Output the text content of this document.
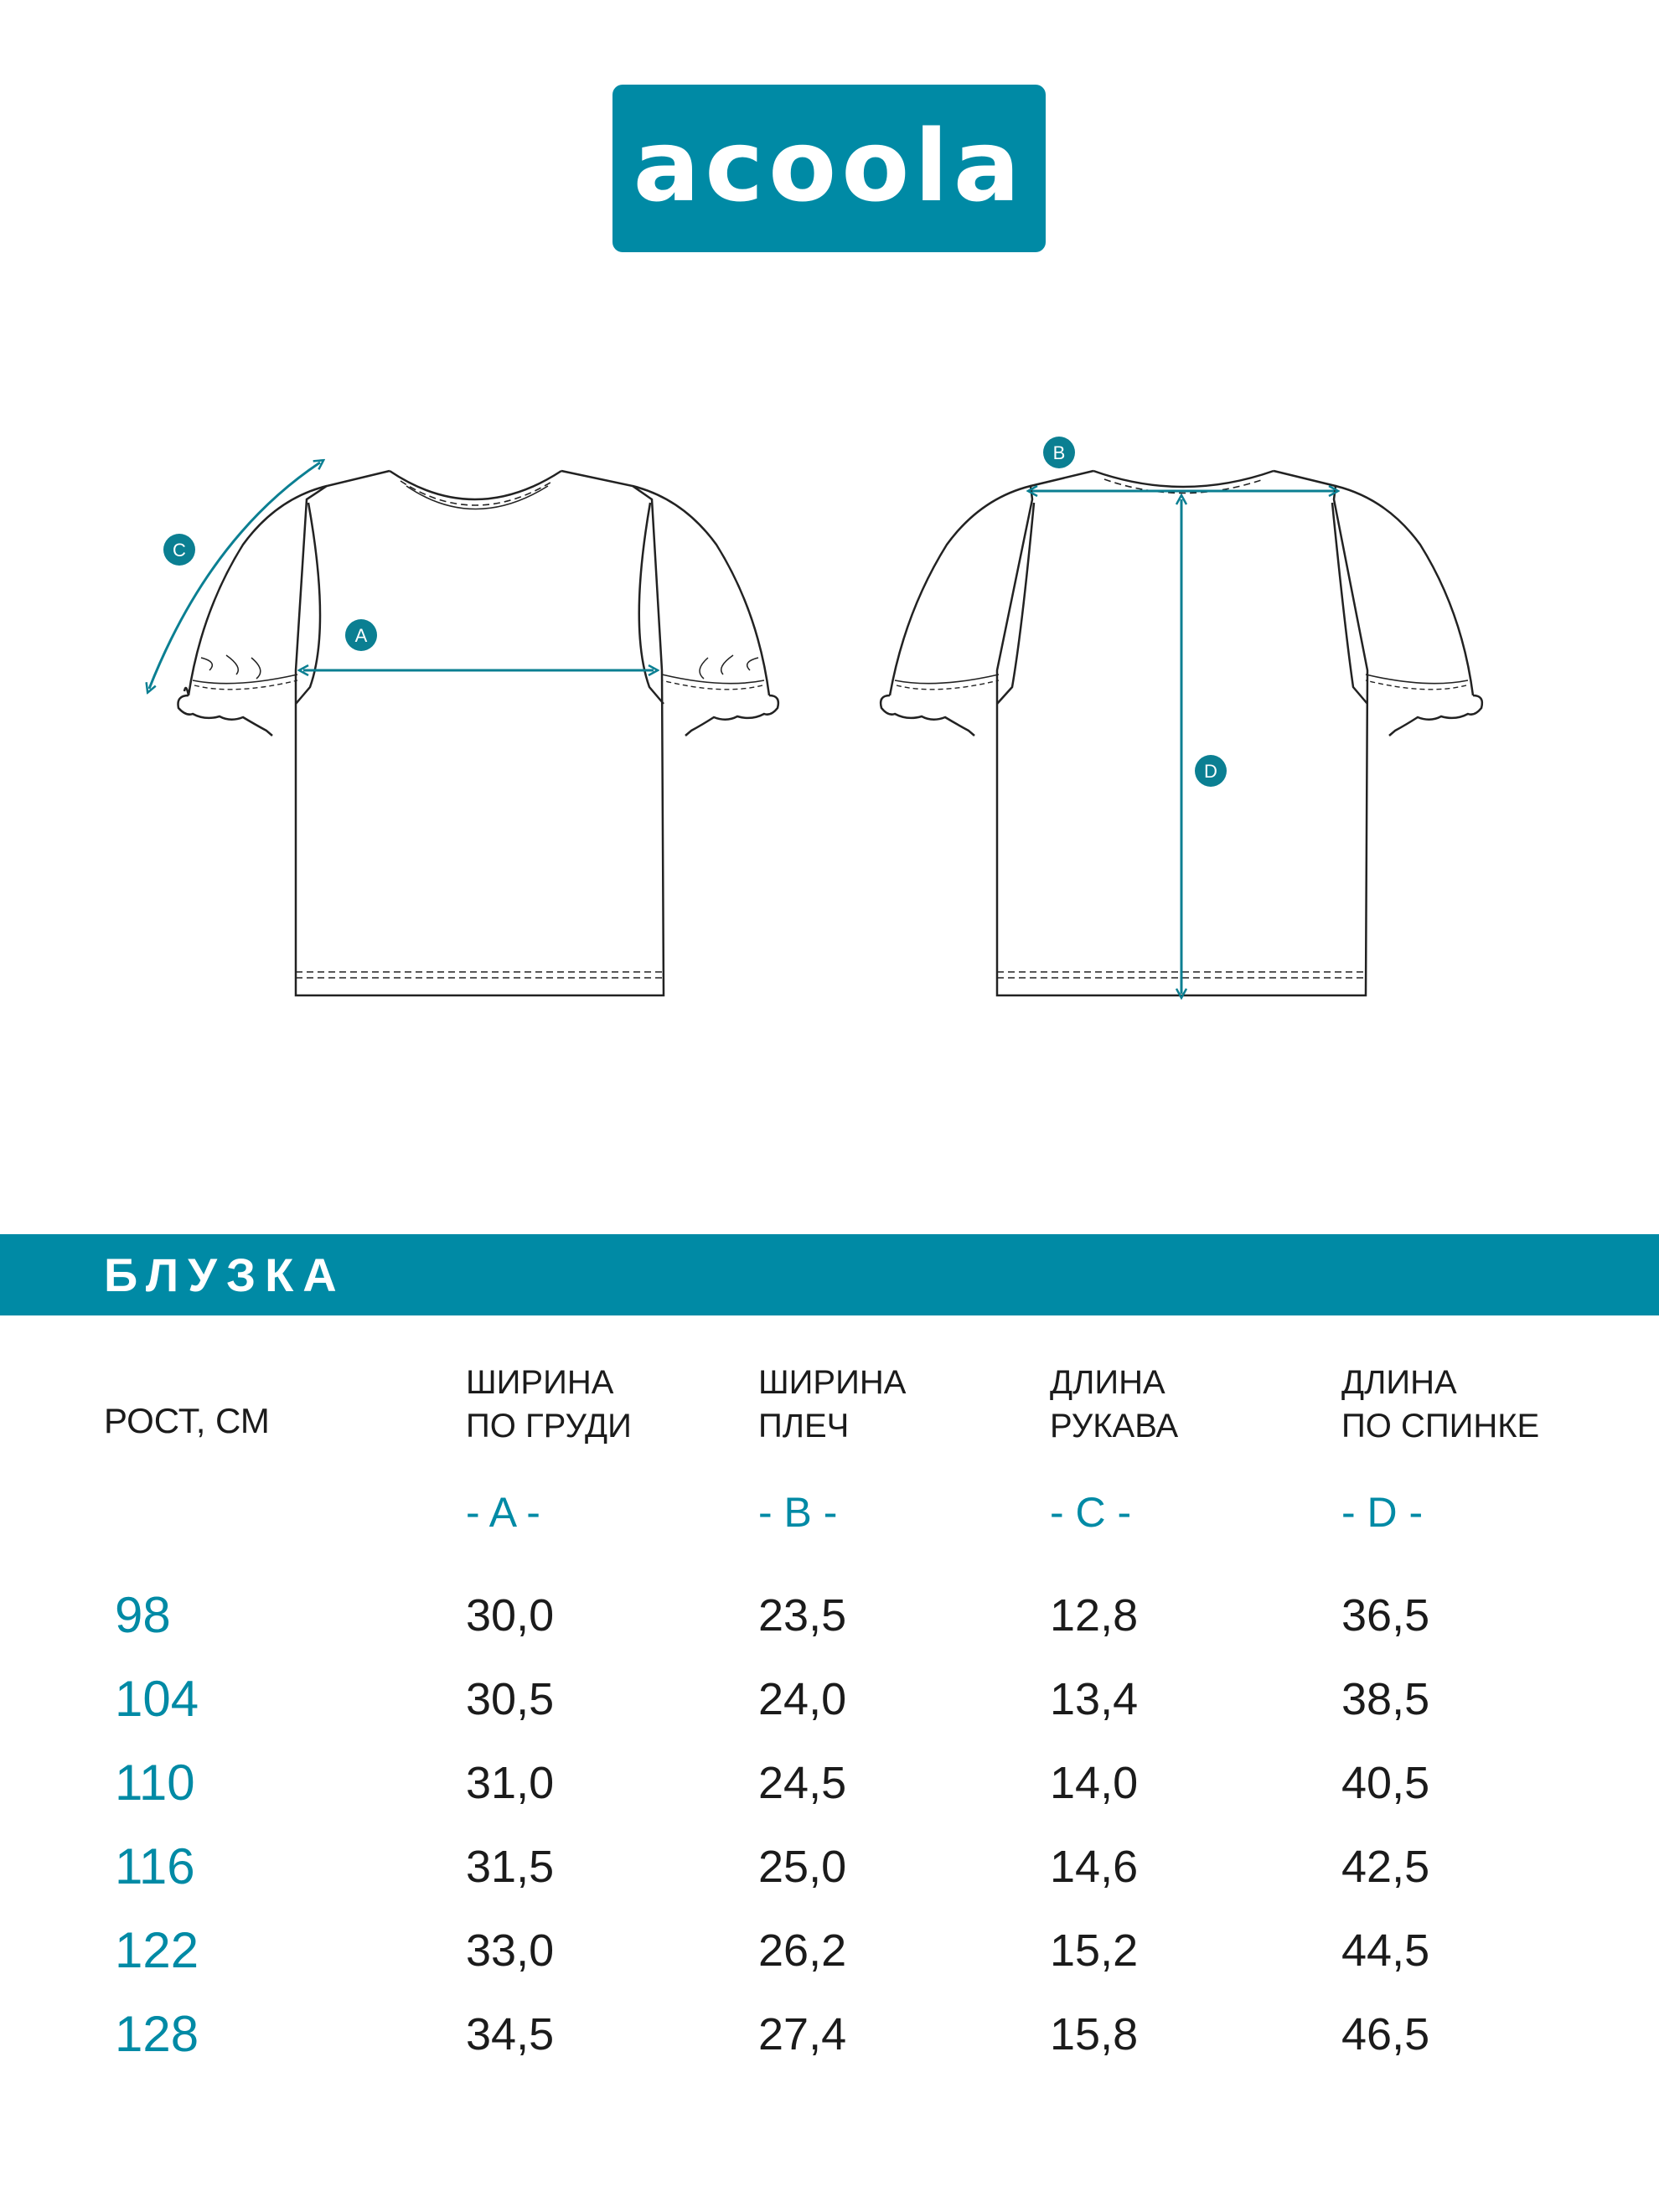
acoola
A
C
B
D
БЛУЗКА
РОСТ, СМ
ШИРИНА
ПО ГРУДИ
ШИРИНА
ПЛЕЧ
ДЛИНА
РУКАВА
ДЛИНА
ПО СПИНКЕ
- A -	- B -	- C -	- D -
98	30,0	23,5	12,8	36,5
104	30,5	24,0	13,4	38,5
110	31,0	24,5	14,0	40,5
116	31,5	25,0	14,6	42,5
122	33,0	26,2	15,2	44,5
128	34,5	27,4	15,8	46,5
